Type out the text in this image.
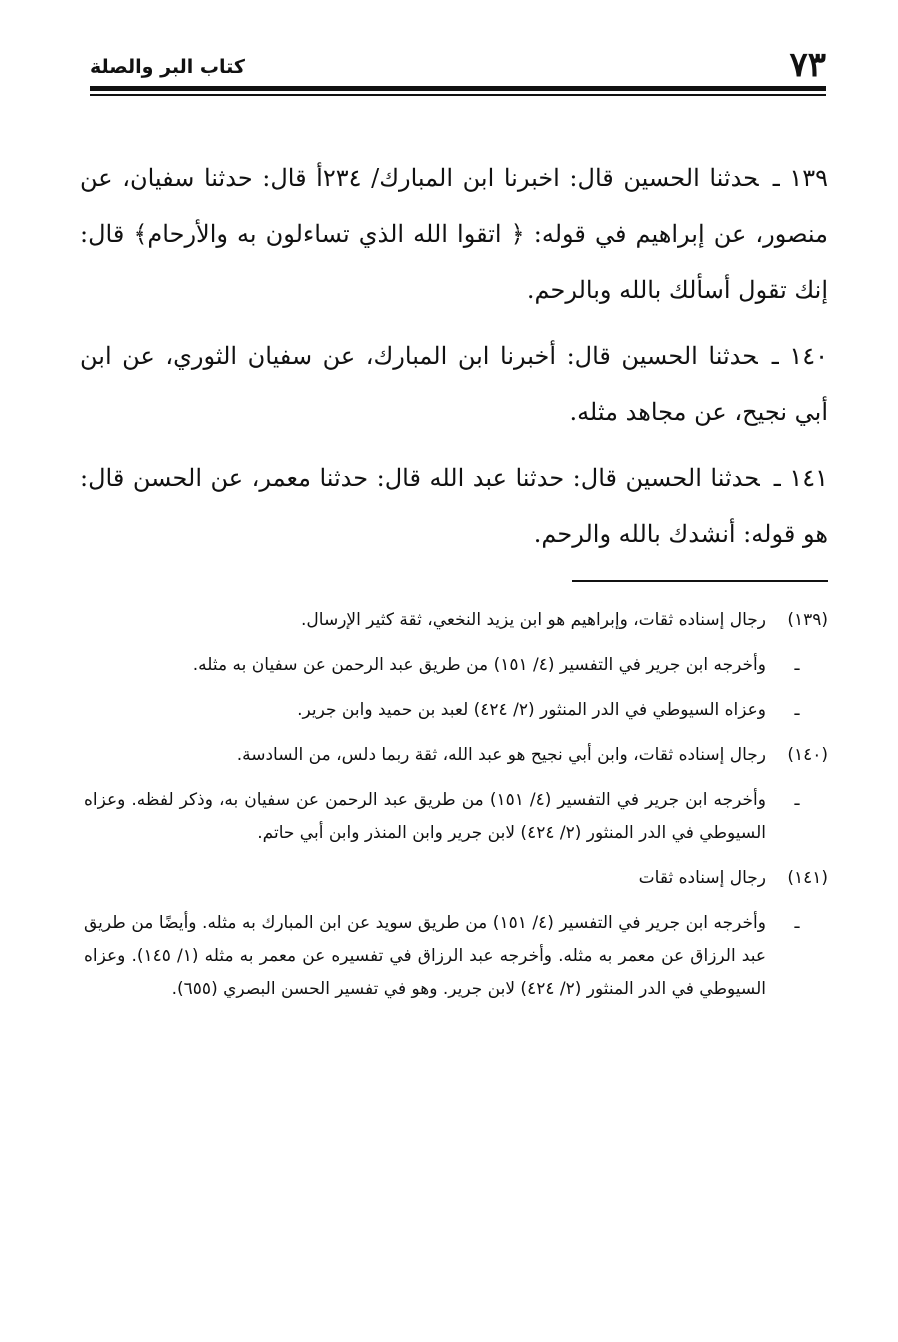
٧٣
كتاب البر والصلة

١٣٩ ـحدثنا الحسين قال: اخبرنا ابن المبارك/ ٢٣٤أ قال: حدثنا سفيان، عن منصور، عن إبراهيم في قوله: ﴿ اتقوا الله الذي تساءلون به والأرحام﴾ قال: إنك تقول أسألك بالله وبالرحم.

١٤٠ ـحدثنا الحسين قال: أخبرنا ابن المبارك، عن سفيان الثوري، عن ابن أبي نجيح، عن مجاهد مثله.

١٤١ ـحدثنا الحسين قال: حدثنا عبد الله قال: حدثنا معمر، عن الحسن قال: هو قوله: أنشدك بالله والرحم.

(١٣٩)
رجال إسناده ثقات، وإبراهيم هو ابن يزيد النخعي، ثقة كثير الإرسال.
ـ
وأخرجه ابن جرير في التفسير (٤/ ١٥١) من طريق عبد الرحمن عن سفيان به مثله.
ـ
وعزاه السيوطي في الدر المنثور (٢/ ٤٢٤) لعبد بن حميد وابن جرير.
(١٤٠)
رجال إسناده ثقات، وابن أبي نجيح هو عبد الله، ثقة ربما دلس، من السادسة.
ـ
وأخرجه ابن جرير في التفسير (٤/ ١٥١) من طريق عبد الرحمن عن سفيان به، وذكر لفظه. وعزاه السيوطي في الدر المنثور (٢/ ٤٢٤) لابن جرير وابن المنذر وابن أبي حاتم.
(١٤١)
رجال إسناده ثقات
ـ
وأخرجه ابن جرير في التفسير (٤/ ١٥١) من طريق سويد عن ابن المبارك به مثله. وأيضًا من طريق عبد الرزاق عن معمر به مثله. وأخرجه عبد الرزاق في تفسيره عن معمر به مثله (١/ ١٤٥). وعزاه السيوطي في الدر المنثور (٢/ ٤٢٤) لابن جرير. وهو في تفسير الحسن البصري (٦٥٥).
